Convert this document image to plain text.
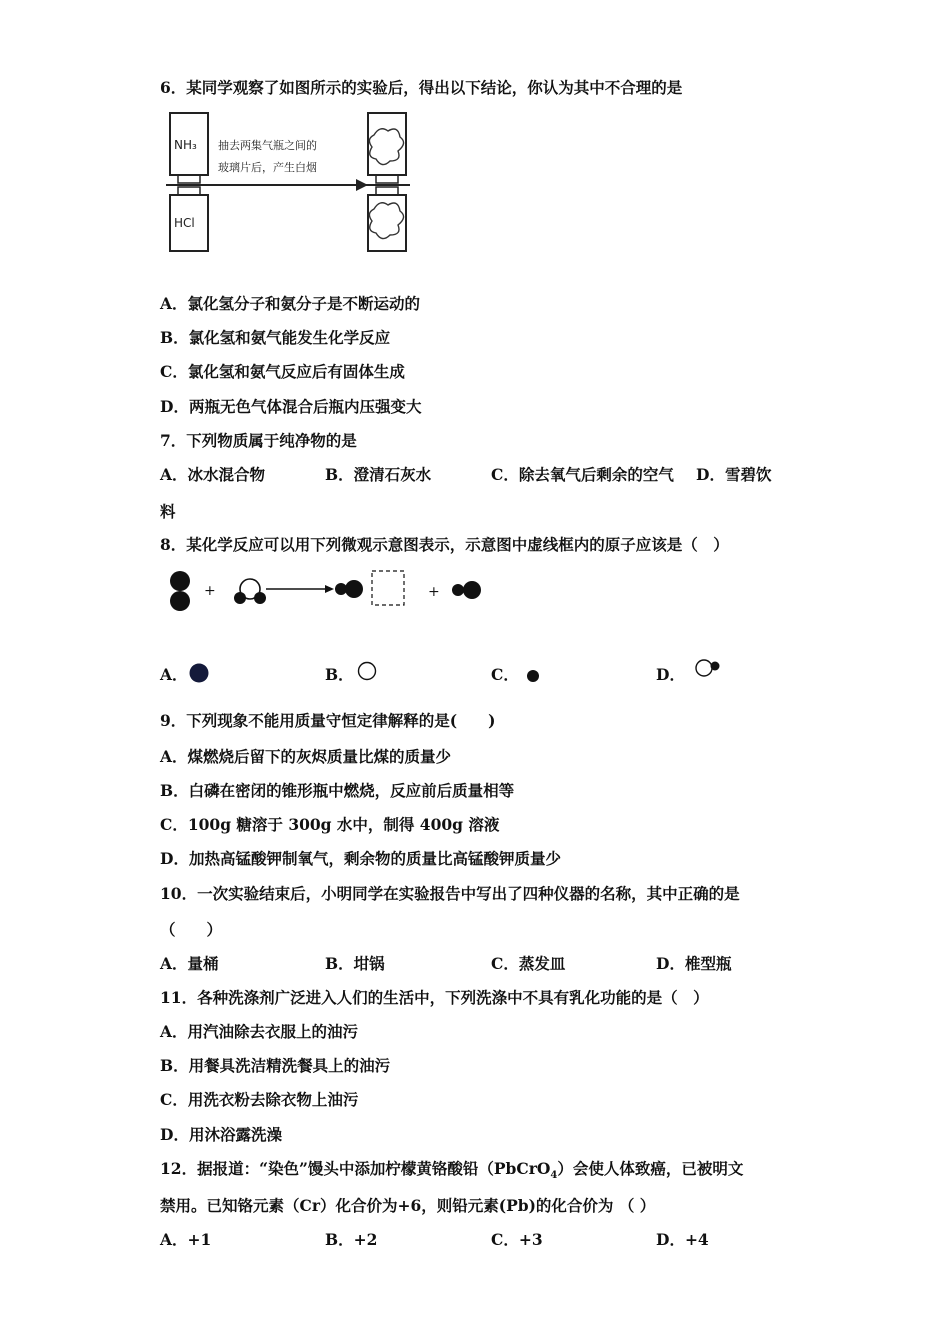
6．某同学观察了如图所示的实验后，得出以下结论，你认为其中不合理的是
NH₃
HCl
抽去两集气瓶之间的
玻璃片后，产生白烟
A．氯化氢分子和氨分子是不断运动的
B．氯化氢和氨气能发生化学反应
C．氯化氢和氨气反应后有固体生成
D．两瓶无色气体混合后瓶内压强变大
7．下列物质属于纯净物的是
A．冰水混合物	B．澄清石灰水	C．除去氧气后剩余的空气 D．雪碧饮
料
8．某化学反应可以用下列微观示意图表示，示意图中虚线框内的原子应该是（　）
+	+
A．	B．	C．	D．
9．下列现象不能用质量守恒定律解释的是(　　)
A．煤燃烧后留下的灰烬质量比煤的质量少
B．白磷在密闭的锥形瓶中燃烧，反应前后质量相等
C．100g 糖溶于 300g 水中，制得 400g 溶液
D．加热高锰酸钾制氧气，剩余物的质量比高锰酸钾质量少
10．一次实验结束后，小明同学在实验报告中写出了四种仪器的名称，其中正确的是
（　　）
A．量桶	B．坩锅	C．蒸发皿	D．椎型瓶
11．各种洗涤剂广泛进入人们的生活中，下列洗涤中不具有乳化功能的是（　）
A．用汽油除去衣服上的油污
B．用餐具洗洁精洗餐具上的油污
C．用洗衣粉去除衣物上油污
D．用沐浴露洗澡
12．据报道：“染色”馒头中添加柠檬黄铬酸铅（PbCrO$_4$）会使人体致癌，已被明文
禁用。已知铬元素（Cr）化合价为+6，则铅元素(Pb)的化合价为 （ ）
A．+1	B．+2	C．+3	D．+4
